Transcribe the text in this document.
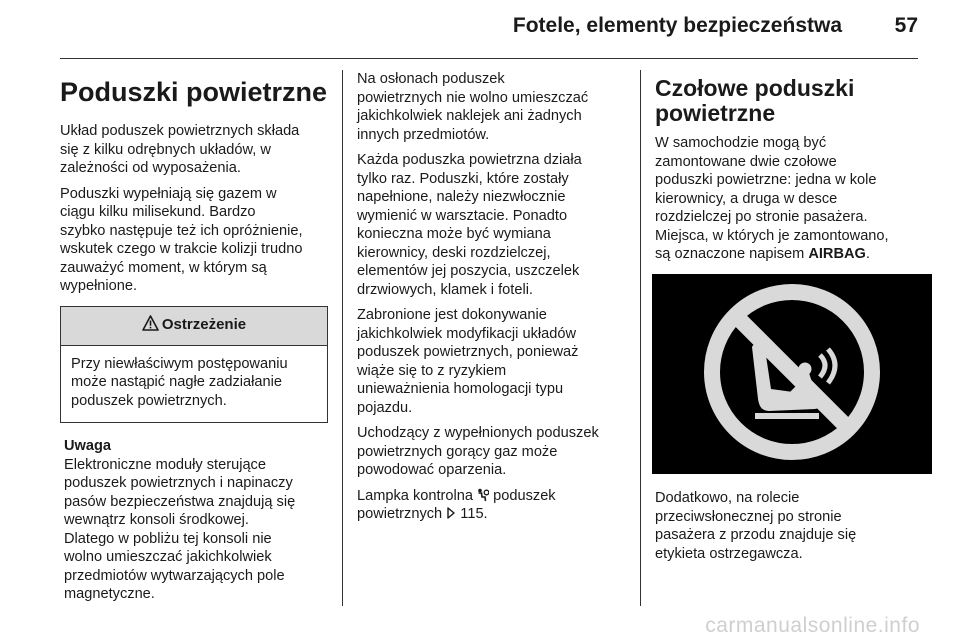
Fotele, elementy bezpieczeństwa	57
Poduszki powietrzne

Układ poduszek powietrznych składa
się z kilku odrębnych układów, w
zależności od wyposażenia.

Poduszki wypełniają się gazem w
ciągu kilku milisekund. Bardzo
szybko następuje też ich opróżnienie,
wskutek czego w trakcie kolizji trudno
zauważyć moment, w którym są
wypełnione.

Ostrzeżenie
Przy niewłaściwym postępowaniu
może nastąpić nagłe zadziałanie
poduszek powietrznych.
Uwaga
Elektroniczne moduły sterujące
poduszek powietrznych i napinaczy
pasów bezpieczeństwa znajdują się
wewnątrz konsoli środkowej.
Dlatego w pobliżu tej konsoli nie
wolno umieszczać jakichkolwiek
przedmiotów wytwarzających pole
magnetyczne.

Na osłonach poduszek
powietrznych nie wolno umieszczać
jakichkolwiek naklejek ani żadnych
innych przedmiotów.

Każda poduszka powietrzna działa
tylko raz. Poduszki, które zostały
napełnione, należy niezwłocznie
wymienić w warsztacie. Ponadto
konieczna może być wymiana
kierownicy, deski rozdzielczej,
elementów jej poszycia, uszczelek
drzwiowych, klamek i foteli.

Zabronione jest dokonywanie
jakichkolwiek modyfikacji układów
poduszek powietrznych, ponieważ
wiąże się to z ryzykiem
unieważnienia homologacji typu
pojazdu.

Uchodzący z wypełnionych poduszek
powietrznych gorący gaz może
powodować oparzenia.

Lampka kontrolna  poduszek
powietrznych  115.

Czołowe poduszki
powietrzne

W samochodzie mogą być
zamontowane dwie czołowe
poduszki powietrzne: jedna w kole
kierownicy, a druga w desce
rozdzielczej po stronie pasażera.
Miejsca, w których je zamontowano,
są oznaczone napisem AIRBAG.

Dodatkowo, na rolecie
przeciwsłonecznej po stronie
pasażera z przodu znajduje się
etykieta ostrzegawcza.

carmanualsonline.info
